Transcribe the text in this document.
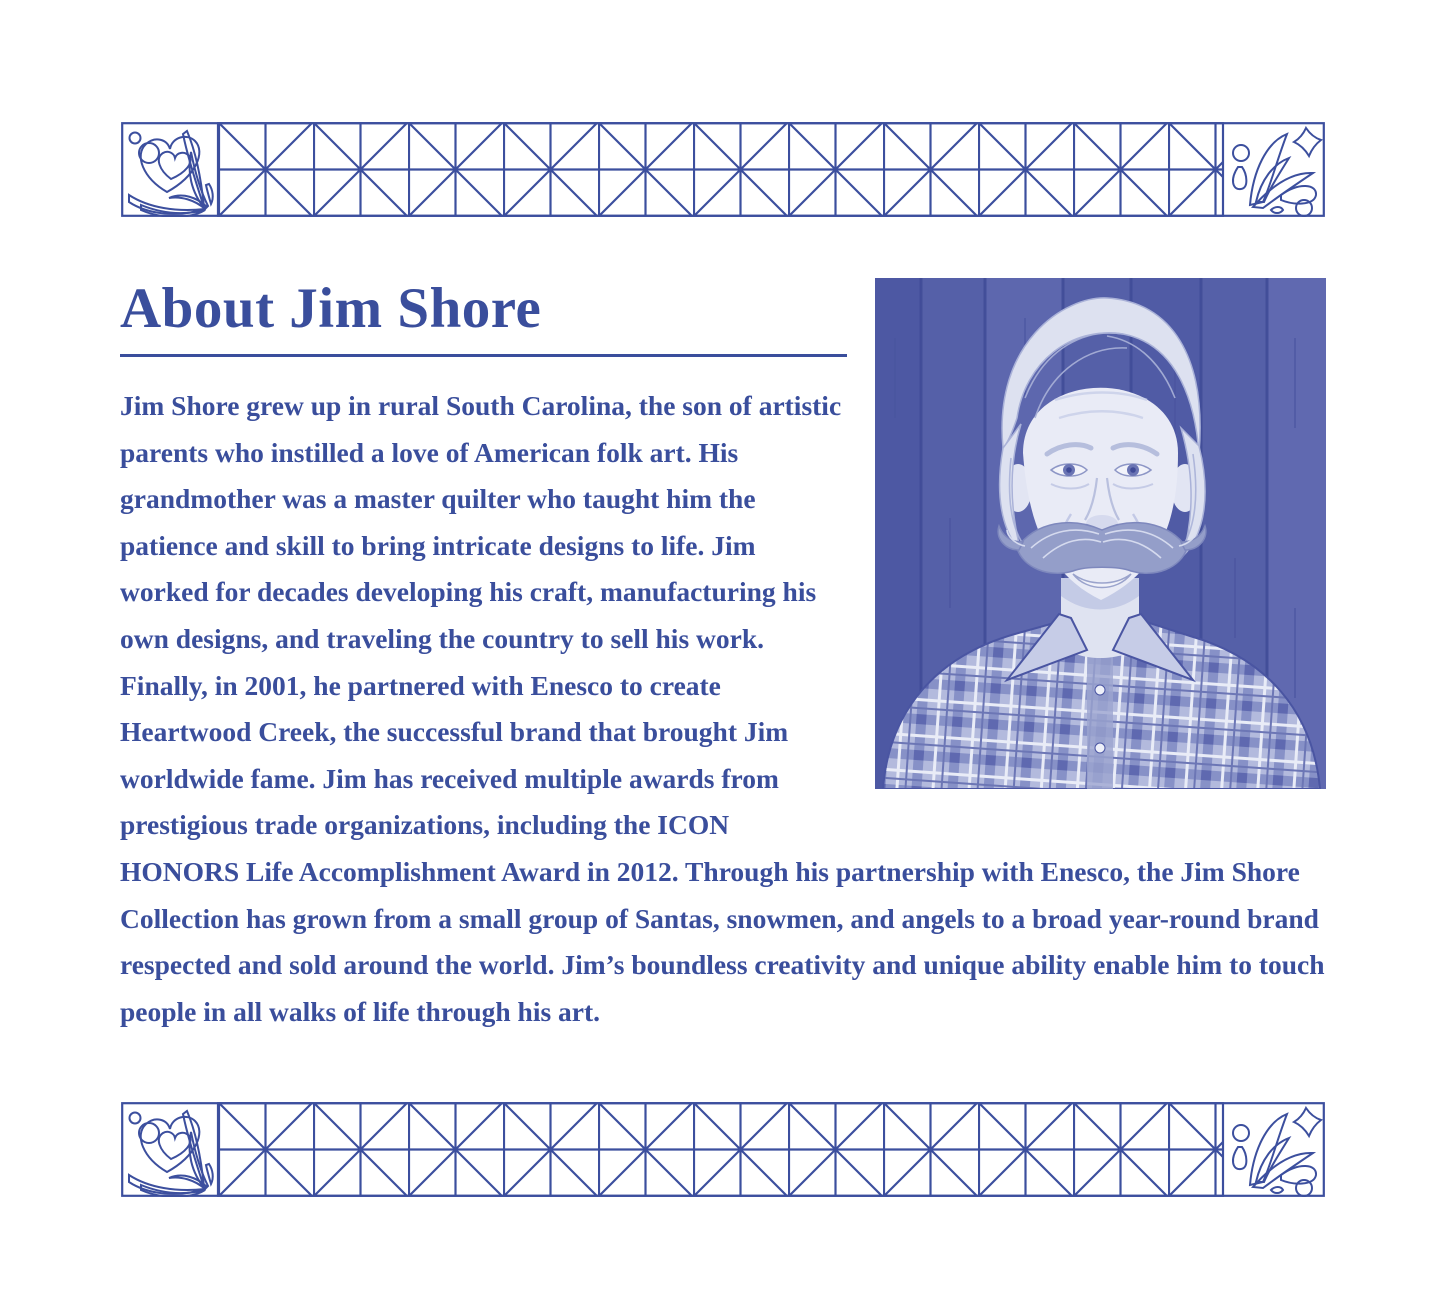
About Jim Shore

Jim Shore grew up in rural South Carolina, the son of artistic parents who instilled a love of American folk art. His grandmother was a master quilter who taught him the patience and skill to bring intricate designs to life. Jim worked for decades developing his craft, manufacturing his own designs, and traveling the country to sell his work. Finally, in 2001, he partnered with Enesco to create Heartwood Creek, the successful brand that brought Jim worldwide fame. Jim has received multiple awards from prestigious trade organizations, including the ICON HONORS Life Accomplishment Award in 2012. Through his partnership with Enesco, the Jim Shore Collection has grown from a small group of Santas, snowmen, and angels to a broad year-round brand respected and sold around the world. Jim’s boundless creativity and unique ability enable him to touch people in all walks of life through his art.
